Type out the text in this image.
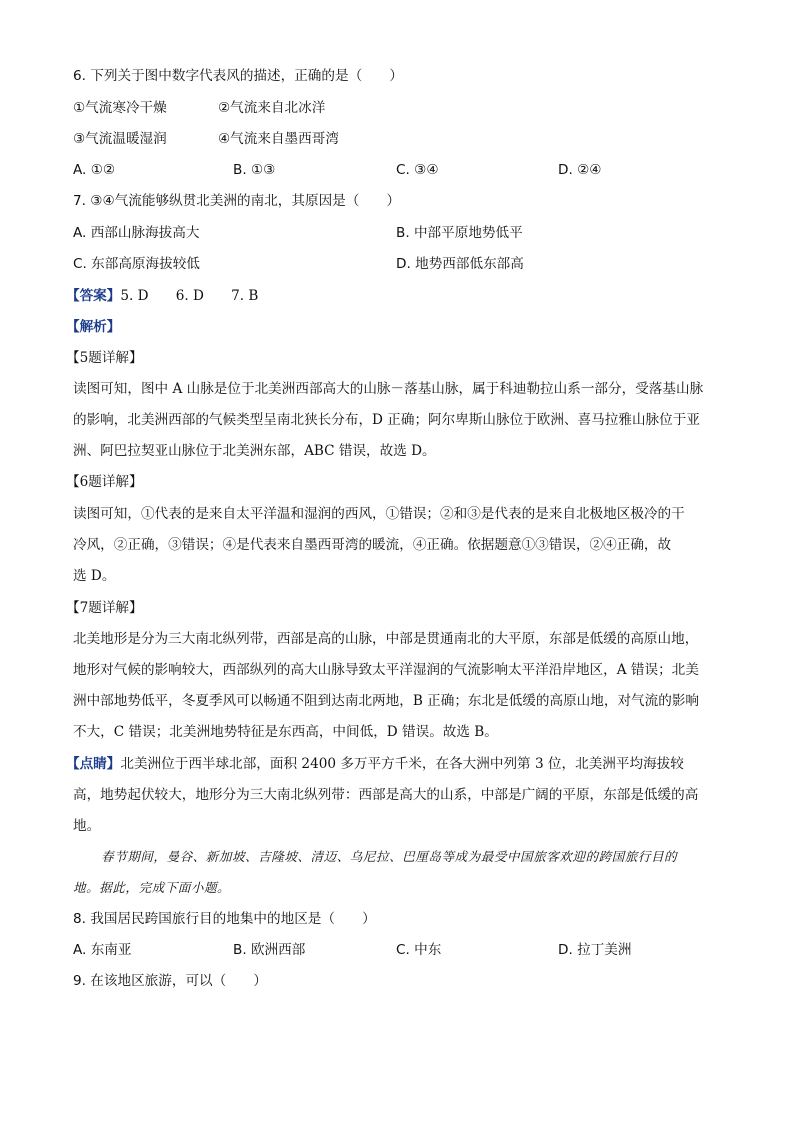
6. 下列关于图中数字代表风的描述，正确的是（　　）
①气流寒冷干燥	②气流来自北冰洋
③气流温暖湿润	④气流来自墨西哥湾
A. ①②	B. ①③	C. ③④	D. ②④
7. ③④气流能够纵贯北美洲的南北，其原因是（　　）
A. 西部山脉海拔高大	B. 中部平原地势低平
C. 东部高原海拔较低	D. 地势西部低东部高
【答案】5. D　　6. D　　7. B
【解析】
【5题详解】
读图可知，图中 A 山脉是位于北美洲西部高大的山脉－落基山脉，属于科迪勒拉山系一部分，受落基山脉
的影响，北美洲西部的气候类型呈南北狭长分布，D 正确；阿尔卑斯山脉位于欧洲、喜马拉雅山脉位于亚
洲、阿巴拉契亚山脉位于北美洲东部，ABC 错误，故选 D。
【6题详解】
读图可知，①代表的是来自太平洋温和湿润的西风，①错误；②和③是代表的是来自北极地区极冷的干
冷风，②正确，③错误；④是代表来自墨西哥湾的暖流，④正确。依据题意①③错误，②④正确，故
选 D。
【7题详解】
北美地形是分为三大南北纵列带，西部是高的山脉，中部是贯通南北的大平原，东部是低缓的高原山地，
地形对气候的影响较大，西部纵列的高大山脉导致太平洋湿润的气流影响太平洋沿岸地区，A 错误；北美
洲中部地势低平，冬夏季风可以畅通不阻到达南北两地，B 正确；东北是低缓的高原山地，对气流的影响
不大，C 错误；北美洲地势特征是东西高，中间低，D 错误。故选 B。
【点睛】北美洲位于西半球北部，面积 2400 多万平方千米，在各大洲中列第 3 位，北美洲平均海拔较
高，地势起伏较大，地形分为三大南北纵列带：西部是高大的山系，中部是广阔的平原，东部是低缓的高
地。
春节期间，曼谷、新加坡、吉隆坡、清迈、乌尼拉、巴厘岛等成为最受中国旅客欢迎的跨国旅行目的
地。据此，完成下面小题。
8. 我国居民跨国旅行目的地集中的地区是（　　）
A. 东南亚	B. 欧洲西部	C. 中东	D. 拉丁美洲
9. 在该地区旅游，可以（　　）
